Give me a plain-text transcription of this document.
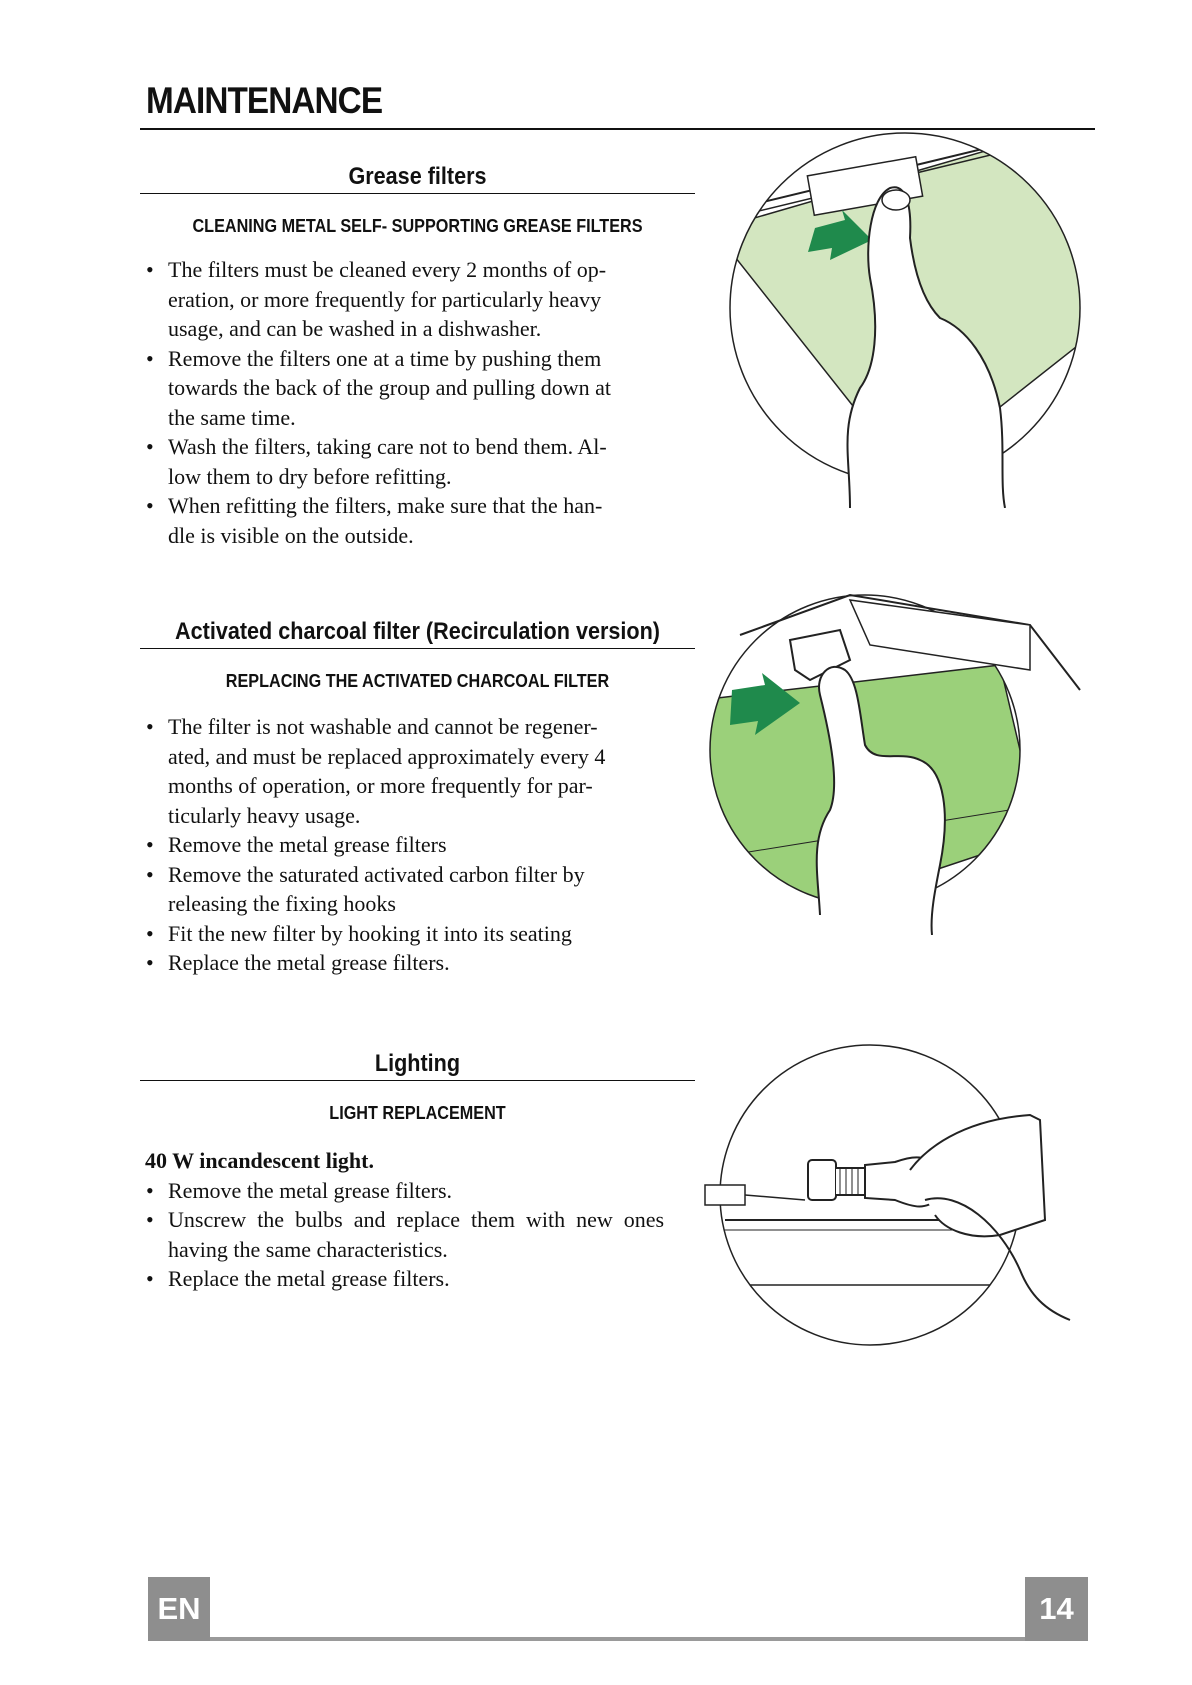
MAINTENANCE
Grease filters
CLEANING METAL SELF- SUPPORTING GREASE FILTERS
• The filters must be cleaned every 2 months of op-
eration, or more frequently for particularly heavy
usage, and can be washed in a dishwasher.
• Remove the filters one at a time by pushing them
towards the back of the group and pulling down at
the same time.
• Wash the filters, taking care not to bend them. Al-
low them to dry before refitting.
• When refitting the filters, make sure that the han-
dle is visible on the outside.
Activated charcoal filter (Recirculation version)
REPLACING THE ACTIVATED CHARCOAL FILTER
• The filter is not washable and cannot be regener-
ated, and must be replaced approximately every 4
months of operation, or more frequently for par-
ticularly heavy usage.
• Remove the metal grease filters
• Remove the saturated activated carbon filter by
releasing the fixing hooks
• Fit the new filter by hooking it into its seating
• Replace the metal grease filters.
Lighting
LIGHT REPLACEMENT

40 W incandescent light.

• Remove the metal grease filters.
• Unscrew  the  bulbs  and  replace  them  with  new  ones
having the same characteristics.
• Replace the metal grease filters.
EN	14
